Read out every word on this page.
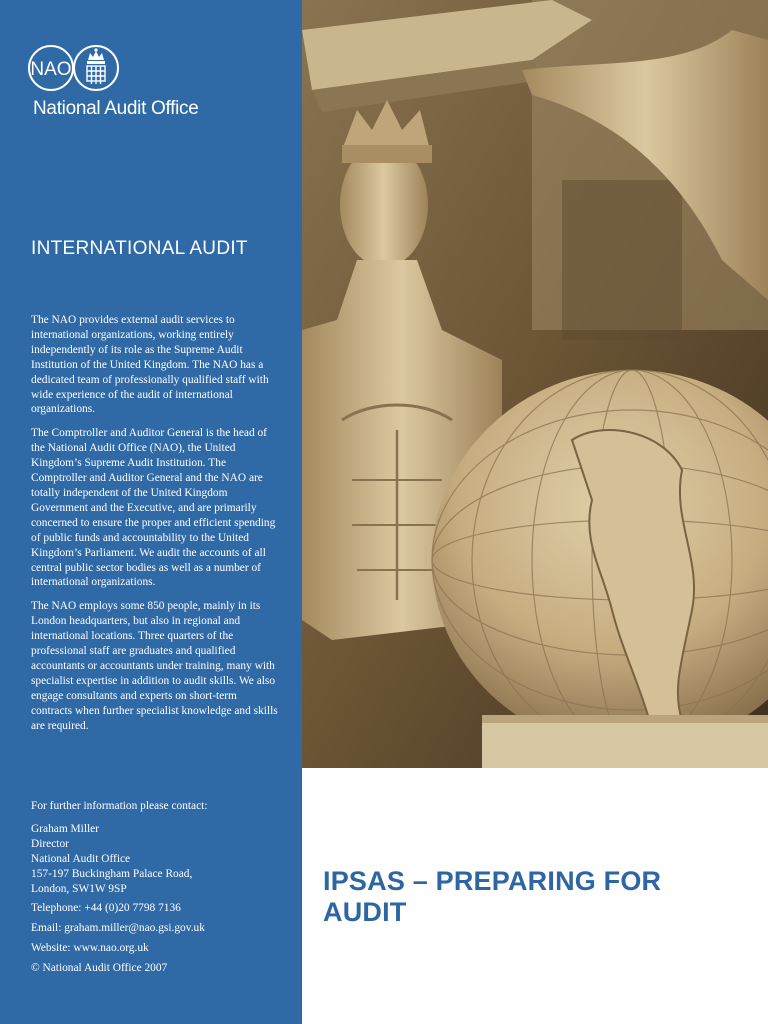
NAO
National Audit Office
INTERNATIONAL AUDIT

The NAO provides external audit services to international organizations, working entirely independently of its role as the Supreme Audit Institution of the United Kingdom. The NAO has a dedicated team of professionally qualified staff with wide experience of the audit of international organizations.

The Comptroller and Auditor General is the head of the National Audit Office (NAO), the United Kingdom’s Supreme Audit Institution. The Comptroller and Auditor General and the NAO are totally independent of the United Kingdom Government and the Executive, and are primarily concerned to ensure the proper and efficient spending of public funds and accountability to the United Kingdom’s Parliament. We audit the accounts of all central public sector bodies as well as a number of international organizations.

The NAO employs some 850 people, mainly in its London headquarters, but also in regional and international locations. Three quarters of the professional staff are graduates and qualified accountants or accountants under training, many with specialist expertise in addition to audit skills. We also engage consultants and experts on short-term contracts when further specialist knowledge and skills are required.

For further information please contact:
Graham Miller
Director
National Audit Office
157-197 Buckingham Palace Road,
London, SW1W 9SP
Telephone: +44 (0)20 7798 7136
Email: graham.miller@nao.gsi.gov.uk
Website: www.nao.org.uk
© National Audit Office 2007
IPSAS – PREPARING FOR
AUDIT
